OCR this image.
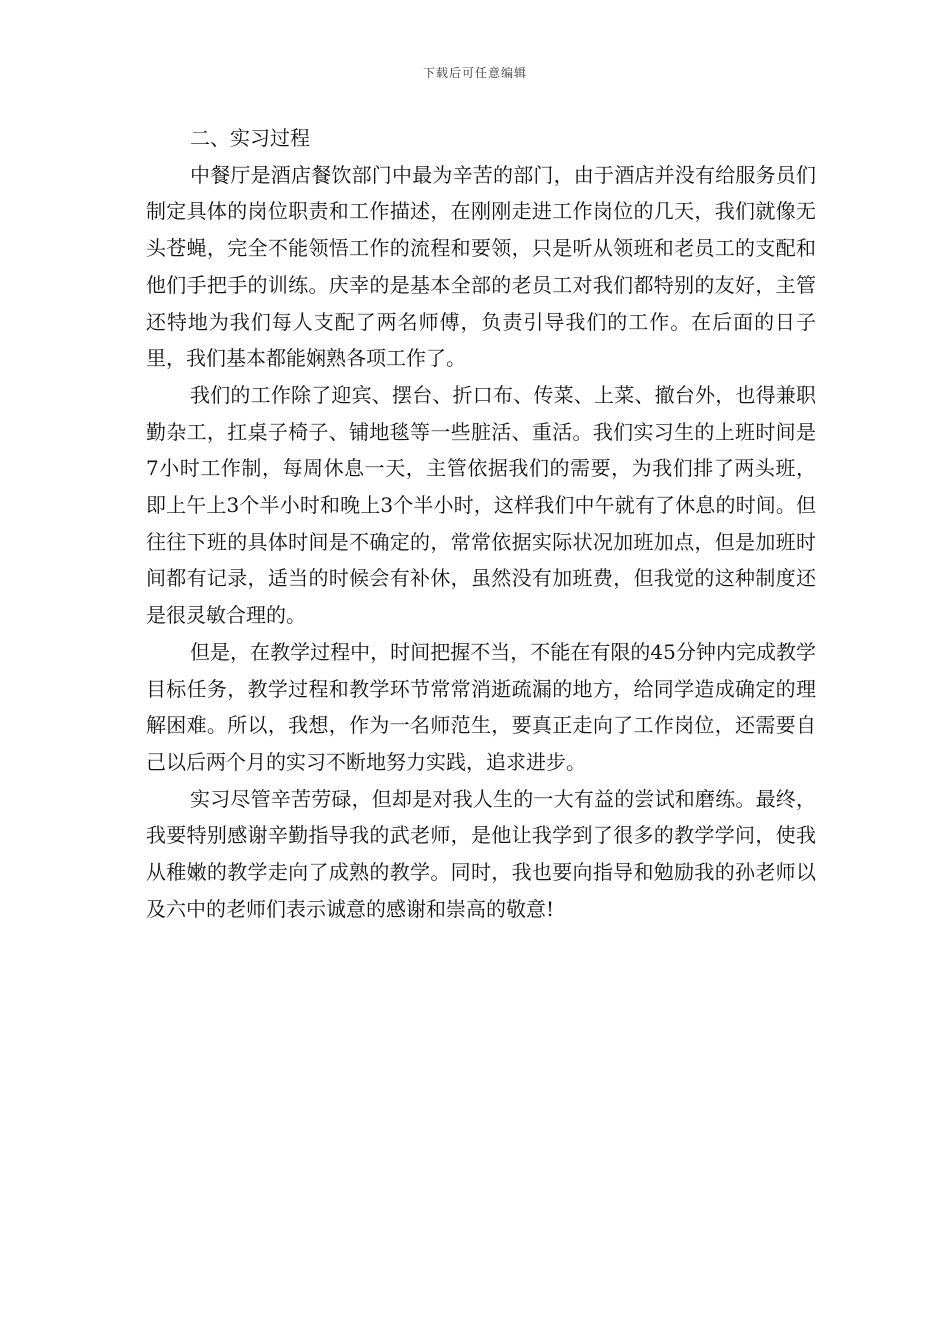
下载后可任意编辑

二、实习过程

中餐厅是酒店餐饮部门中最为辛苦的部门，由于酒店并没有给服务员们制定具体的岗位职责和工作描述，在刚刚走进工作岗位的几天，我们就像无头苍蝇，完全不能领悟工作的流程和要领，只是听从领班和老员工的支配和他们手把手的训练。庆幸的是基本全部的老员工对我们都特别的友好，主管还特地为我们每人支配了两名师傅，负责引导我们的工作。在后面的日子里，我们基本都能娴熟各项工作了。

我们的工作除了迎宾、摆台、折口布、传菜、上菜、撤台外，也得兼职勤杂工，扛桌子椅子、铺地毯等一些脏活、重活。我们实习生的上班时间是7小时工作制，每周休息一天，主管依据我们的需要，为我们排了两头班，即上午上3个半小时和晚上3个半小时，这样我们中午就有了休息的时间。但往往下班的具体时间是不确定的，常常依据实际状况加班加点，但是加班时间都有记录，适当的时候会有补休，虽然没有加班费，但我觉的这种制度还是很灵敏合理的。

但是，在教学过程中，时间把握不当，不能在有限的45分钟内完成教学目标任务，教学过程和教学环节常常消逝疏漏的地方，给同学造成确定的理解困难。所以，我想，作为一名师范生，要真正走向了工作岗位，还需要自己以后两个月的实习不断地努力实践，追求进步。

实习尽管辛苦劳碌，但却是对我人生的一大有益的尝试和磨练。最终，我要特别感谢辛勤指导我的武老师，是他让我学到了很多的教学学问，使我从稚嫩的教学走向了成熟的教学。同时，我也要向指导和勉励我的孙老师以及六中的老师们表示诚意的感谢和崇高的敬意!
